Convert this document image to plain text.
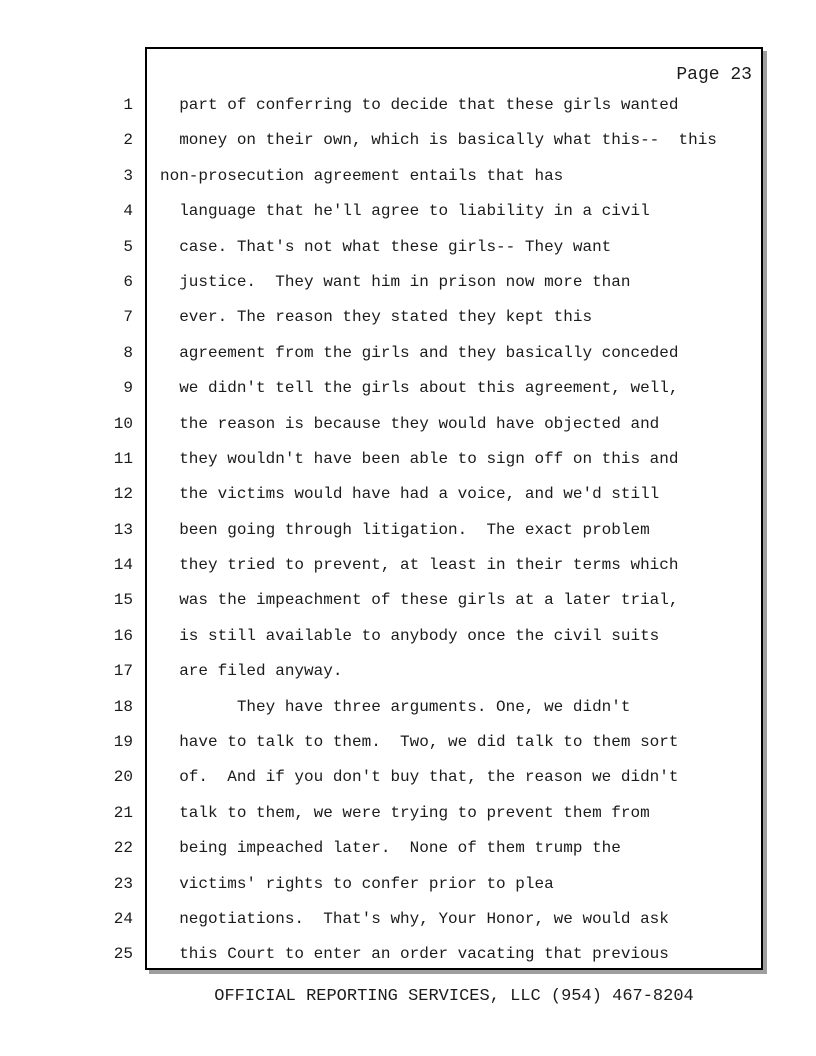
Page 23
1 part of conferring to decide that these girls wanted
2 money on their own, which is basically what this--  this
3 non-prosecution agreement entails that has
4 language that he'll agree to liability in a civil
5 case. That's not what these girls-- They want
6 justice.  They want him in prison now more than
7 ever. The reason they stated they kept this
8 agreement from the girls and they basically conceded
9 we didn't tell the girls about this agreement, well,
10 the reason is because they would have objected and
11 they wouldn't have been able to sign off on this and
12 the victims would have had a voice, and we'd still
13 been going through litigation.  The exact problem
14 they tried to prevent, at least in their terms which
15 was the impeachment of these girls at a later trial,
16 is still available to anybody once the civil suits
17 are filed anyway.
18 They have three arguments. One, we didn't
19 have to talk to them.  Two, we did talk to them sort
20 of.  And if you don't buy that, the reason we didn't
21 talk to them, we were trying to prevent them from
22 being impeached later.  None of them trump the
23 victims' rights to confer prior to plea
24 negotiations.  That's why, Your Honor, we would ask
25 this Court to enter an order vacating that previous
OFFICIAL REPORTING SERVICES, LLC (954) 467-8204
